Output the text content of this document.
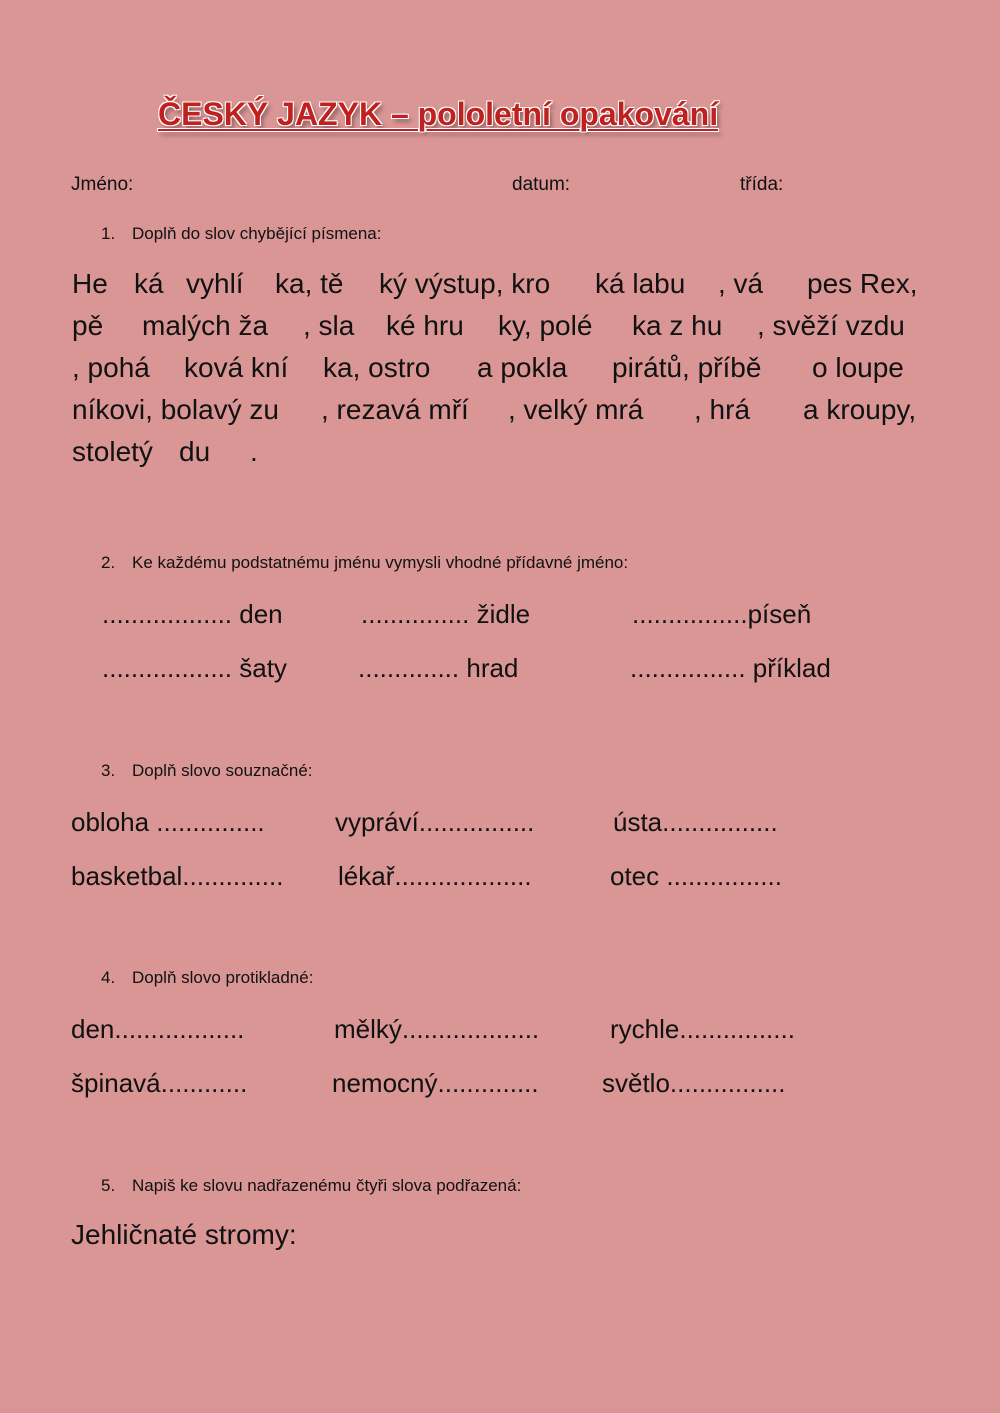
ČESKÝ JAZYK – pololetní opakování
Jméno:	datum:	třída:
1. Doplň do slov chybějící písmena:
He ká vyhlí ka, tě ký výstup, kro ká labu , vá pes Rex,
pě malých ža , sla ké hru ky, polé ka z hu , svěží vzdu
, pohá ková kní ka, ostro a pokla pirátů, příbě o loupe
níkovi, bolavý zu , rezavá mří , velký mrá , hrá a kroupy,
stoletý du .
2. Ke každému podstatnému jménu vymysli vhodné přídavné jméno:
.................. den	............... židle	................píseň
.................. šaty	.............. hrad	................ příklad
3. Doplň slovo souznačné:
obloha ...............	vypráví................	ústa................
basketbal.............. lékař...................	otec ................
4. Doplň slovo protikladné:
den..................	mělký...................	rychle................
špinavá............	nemocný.............. světlo................
5. Napiš ke slovu nadřazenému čtyři slova podřazená:
Jehličnaté stromy:
